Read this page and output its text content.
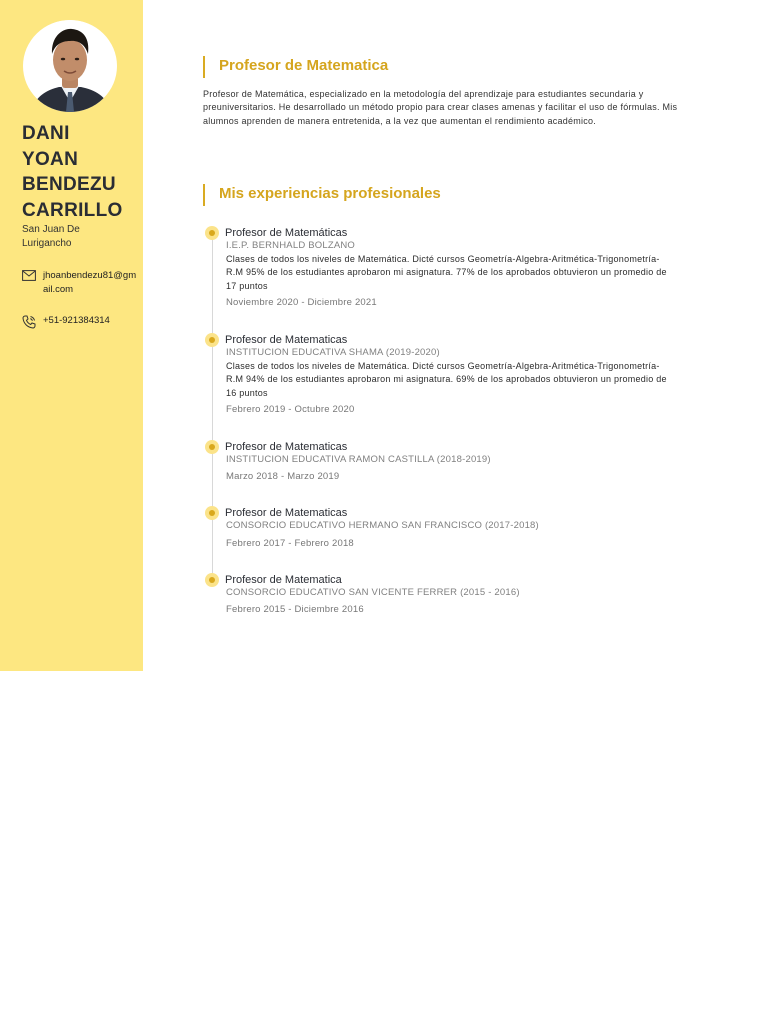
DANI
YOAN
BENDEZU
CARRILLO
San Juan De
Lurigancho
jhoanbendezu81@gmail.com
+51-921384314
Profesor de Matematica

Profesor de Matemática, especializado en la metodología del aprendizaje para estudiantes secundaria y preuniversitarios. He desarrollado un método propio para crear clases amenas y facilitar el uso de fórmulas. Mis alumnos aprenden de manera entretenida, a la vez que aumentan el rendimiento académico.

Mis experiencias profesionales
Profesor de Matemáticas
I.E.P. BERNHALD BOLZANO
Clases de todos los niveles de Matemática. Dicté cursos Geometría-Algebra-Aritmética-Trigonometría-R.M 95% de los estudiantes aprobaron mi asignatura. 77% de los aprobados obtuvieron un promedio de 17 puntos
Noviembre 2020 - Diciembre 2021
Profesor de Matematicas
INSTITUCION EDUCATIVA SHAMA (2019-2020)
Clases de todos los niveles de Matemática. Dicté cursos Geometría-Algebra-Aritmética-Trigonometría-R.M 94% de los estudiantes aprobaron mi asignatura. 69% de los aprobados obtuvieron un promedio de 16 puntos
Febrero 2019 - Octubre 2020
Profesor de Matematicas
INSTITUCION EDUCATIVA RAMON CASTILLA (2018-2019)
Marzo 2018 - Marzo 2019
Profesor de Matematicas
CONSORCIO EDUCATIVO HERMANO SAN FRANCISCO (2017-2018)
Febrero 2017 - Febrero 2018
Profesor de Matematica
CONSORCIO EDUCATIVO SAN VICENTE FERRER (2015 - 2016)
Febrero 2015 - Diciembre 2016
